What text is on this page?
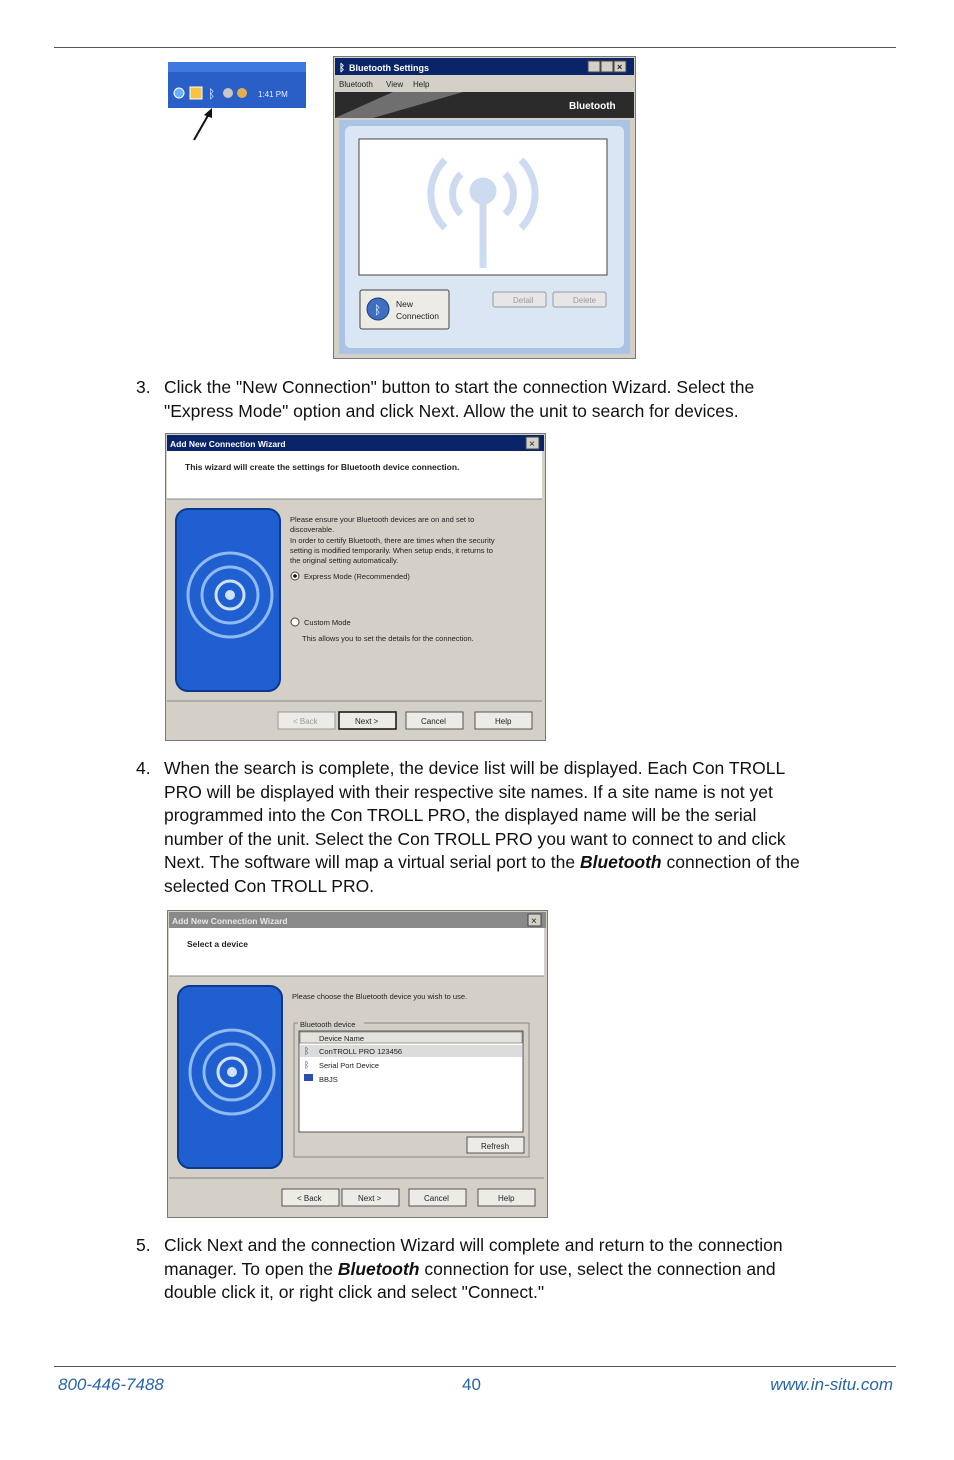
ᛒ	1:41 PM
ᛒ Bluetooth Settings	×
Bluetooth View Help
Bluetooth
ᛒ New
Connection
Detail	Delete
3. Click the "New Connection" button to start the connection Wizard. Select the
"Express Mode" option and click Next. Allow the unit to search for devices.
Add New Connection Wizard	×
This wizard will create the settings for Bluetooth device connection.
Please ensure your Bluetooth devices are on and set to
discoverable.
In order to certify Bluetooth, there are times when the security
setting is modified temporarily. When setup ends, it returns to
the original setting automatically.
Express Mode (Recommended)
Custom Mode
This allows you to set the details for the connection.
< Back	Next >	Cancel	Help
4. When the search is complete, the device list will be displayed. Each Con TROLL
PRO will be displayed with their respective site names. If a site name is not yet
programmed into the Con TROLL PRO, the displayed name will be the serial
number of the unit. Select the Con TROLL PRO you want to connect to and click
Next. The software will map a virtual serial port to the Bluetooth connection of the
selected Con TROLL PRO.
Add New Connection Wizard	×
Select a device
Please choose the Bluetooth device you wish to use.
Bluetooth device
Device Name
ᛒ ConTROLL PRO 123456
ᛒ Serial Port Device
BBJS
Refresh
< Back	Next >	Cancel	Help
5. Click Next and the connection Wizard will complete and return to the connection
manager. To open the Bluetooth connection for use, select the connection and
double click it, or right click and select "Connect."
800-446-7488	40	www.in-situ.com
